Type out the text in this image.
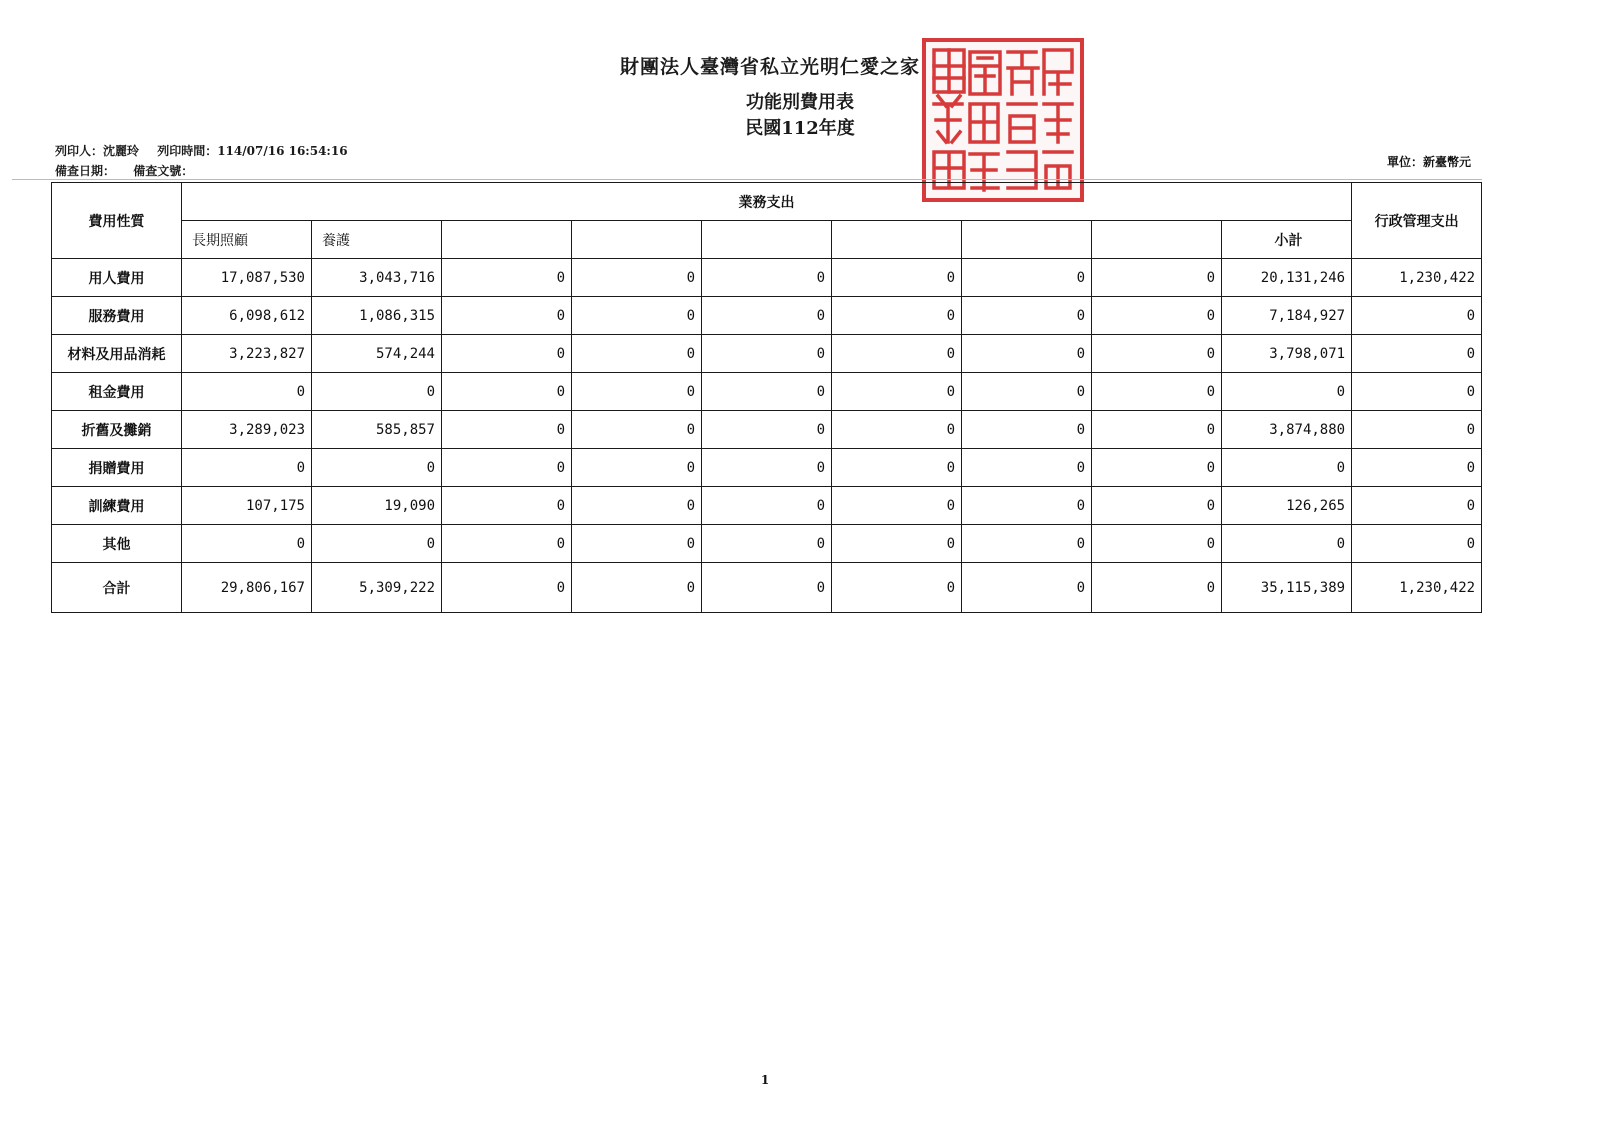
財團法人臺灣省私立光明仁愛之家
功能別費用表
民國112年度
列印人：沈麗玲 列印時間：114/07/16 16:54:16
備查日期： 備查文號：
單位：新臺幣元
費用性質	業務支出									行政管理支出
	長期照顧	養護							小計	
用人費用	17,087,530	3,043,716	0	0	0	0	0	0	20,131,246	1,230,422
服務費用	6,098,612	1,086,315	0	0	0	0	0	0	7,184,927	0
材料及用品消耗	3,223,827	574,244	0	0	0	0	0	0	3,798,071	0
租金費用	0	0	0	0	0	0	0	0	0	0
折舊及攤銷	3,289,023	585,857	0	0	0	0	0	0	3,874,880	0
捐贈費用	0	0	0	0	0	0	0	0	0	0
訓練費用	107,175	19,090	0	0	0	0	0	0	126,265	0
其他	0	0	0	0	0	0	0	0	0	0
合計	29,806,167	5,309,222	0	0	0	0	0	0	35,115,389	1,230,422
1
